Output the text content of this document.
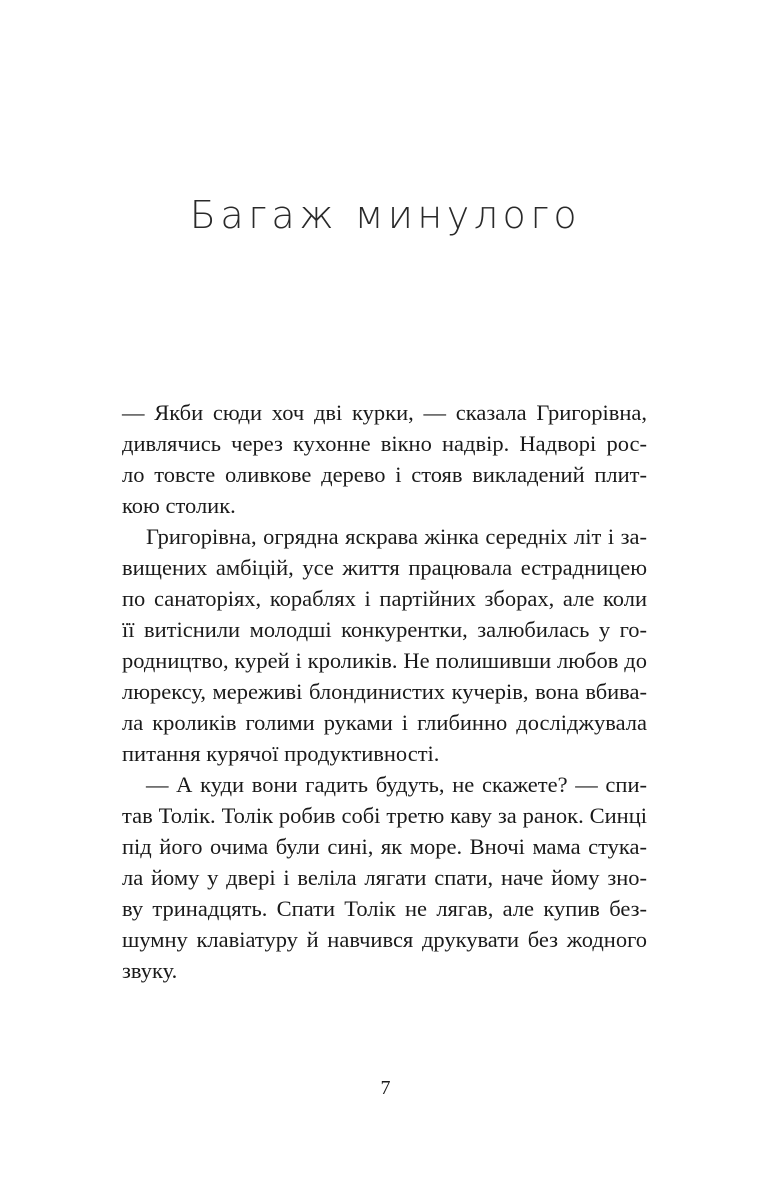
Багаж минулого

— Якби сюди хоч дві курки, — сказала Григорівна,
дивлячись через кухонне вікно надвір. Надворі рос-
ло товсте оливкове дерево і стояв викладений плит-
кою столик.

Григорівна, огрядна яскрава жінка середніх літ і за-
вищених амбіцій, усе життя працювала естрадницею
по санаторіях, кораблях і партійних зборах, але коли
її витіснили молодші конкурентки, залюбилась у го-
родництво, курей і кроликів. Не полишивши любов до
люрексу, мереживі блондинистих кучерів, вона вбива-
ла кроликів голими руками і глибинно досліджувала
питання курячої продуктивності.

— А куди вони гадить будуть, не скажете? — спи-
тав Толік. Толік робив собі третю каву за ранок. Синці
під його очима були сині, як море. Вночі мама стука-
ла йому у двері і веліла лягати спати, наче йому зно-
ву тринадцять. Спати Толік не лягав, але купив без-
шумну клавіатуру й навчився друкувати без жодного
звуку.

7
